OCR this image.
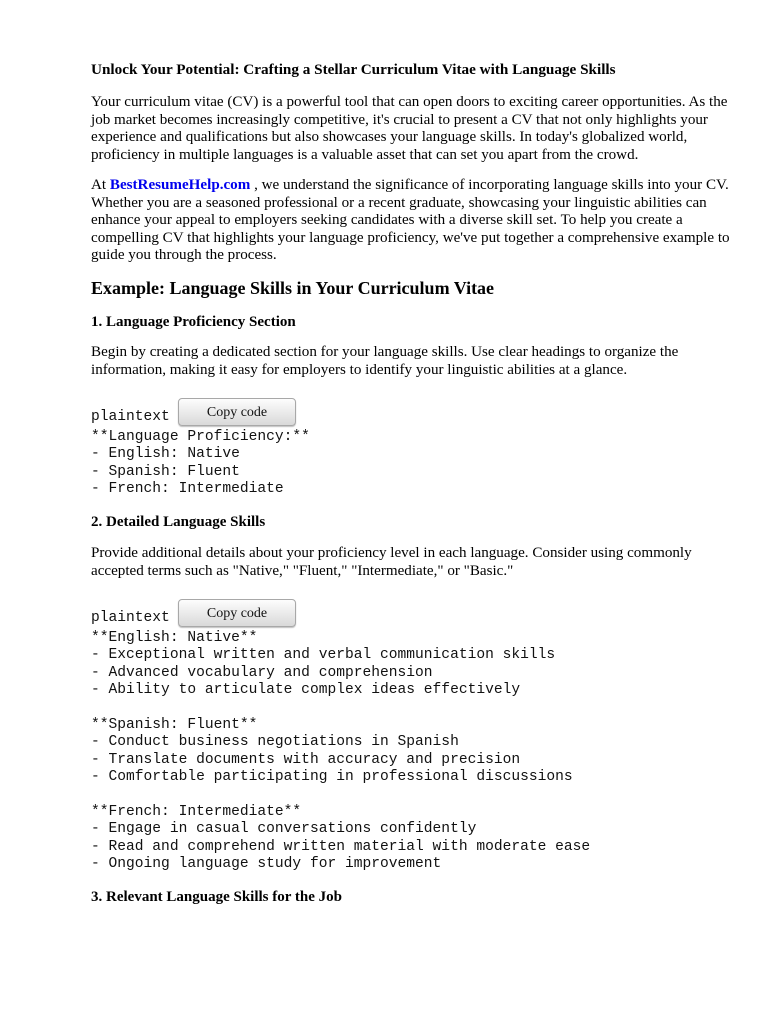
Unlock Your Potential: Crafting a Stellar Curriculum Vitae with Language Skills
Your curriculum vitae (CV) is a powerful tool that can open doors to exciting career opportunities. As the job market becomes increasingly competitive, it's crucial to present a CV that not only highlights your experience and qualifications but also showcases your language skills. In today's globalized world, proficiency in multiple languages is a valuable asset that can set you apart from the crowd.
At BestResumeHelp.com , we understand the significance of incorporating language skills into your CV. Whether you are a seasoned professional or a recent graduate, showcasing your linguistic abilities can enhance your appeal to employers seeking candidates with a diverse skill set. To help you create a compelling CV that highlights your language proficiency, we've put together a comprehensive example to guide you through the process.
Example: Language Skills in Your Curriculum Vitae
1. Language Proficiency Section
Begin by creating a dedicated section for your language skills. Use clear headings to organize the information, making it easy for employers to identify your linguistic abilities at a glance.
plaintext	Copy code
**Language Proficiency:**
- English: Native
- Spanish: Fluent
- French: Intermediate
2. Detailed Language Skills
Provide additional details about your proficiency level in each language. Consider using commonly accepted terms such as "Native," "Fluent," "Intermediate," or "Basic."
plaintext	Copy code
**English: Native**
- Exceptional written and verbal communication skills
- Advanced vocabulary and comprehension
- Ability to articulate complex ideas effectively

**Spanish: Fluent**
- Conduct business negotiations in Spanish
- Translate documents with accuracy and precision
- Comfortable participating in professional discussions

**French: Intermediate**
- Engage in casual conversations confidently
- Read and comprehend written material with moderate ease
- Ongoing language study for improvement
3. Relevant Language Skills for the Job
